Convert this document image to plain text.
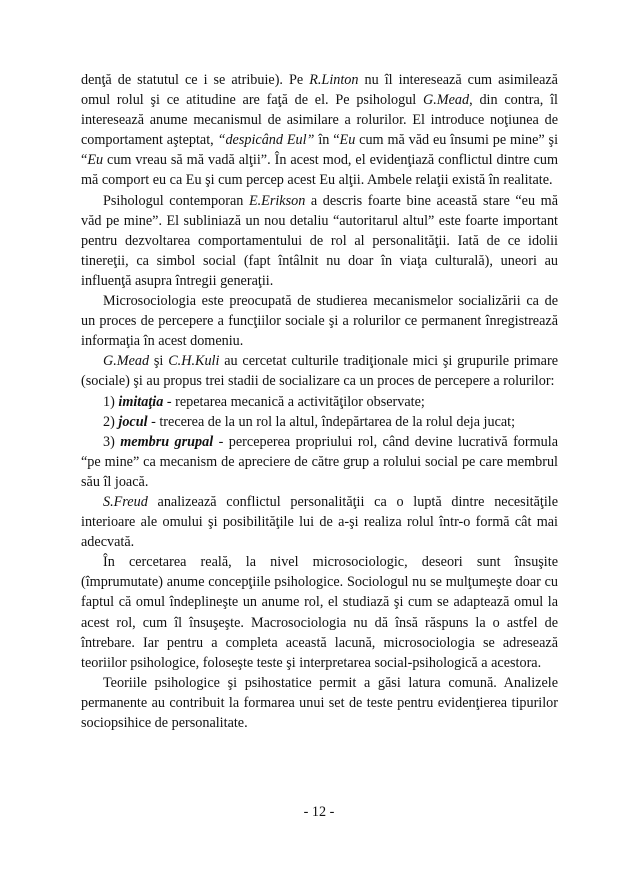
denţă de statutul ce i se atribuie). Pe R.Linton nu îl interesează cum asimilează omul rolul şi ce atitudine are faţă de el. Pe psihologul G.Mead, din contra, îl interesează anume mecanismul de asimilare a rolurilor. El introduce noţiunea de comportament aşteptat, “despicând Eul” în “Eu cum mă văd eu însumi pe mine” şi “Eu cum vreau să mă vadă alţii”. În acest mod, el evidenţiază conflictul dintre cum mă comport eu ca Eu şi cum percep acest Eu alţii. Ambele relaţii există în realitate.

Psihologul contemporan E.Erikson a descris foarte bine această stare “eu mă văd pe mine”. El subliniază un nou detaliu “autoritarul altul” este foarte important pentru dezvoltarea comportamentului de rol al personalităţii. Iată de ce idolii tinereţii, ca simbol social (fapt întâlnit nu doar în viaţa culturală), uneori au influenţă asupra întregii generaţii.

Microsociologia este preocupată de studierea mecanismelor socializării ca de un proces de percepere a funcţiilor sociale şi a rolurilor ce permanent înregistrează informaţia în acest domeniu.

G.Mead şi C.H.Kuli au cercetat culturile tradiţionale mici şi grupurile primare (sociale) şi au propus trei stadii de socializare ca un proces de percepere a rolurilor:

1) imitaţia - repetarea mecanică a activităţilor observate;

2) jocul - trecerea de la un rol la altul, îndepărtarea de la rolul deja jucat;

3) membru grupal - perceperea propriului rol, când devine lucrativă formula “pe mine” ca mecanism de apreciere de către grup a rolului social pe care membrul său îl joacă.

S.Freud analizează conflictul personalităţii ca o luptă dintre necesităţile interioare ale omului şi posibilităţile lui de a-şi realiza rolul într-o formă cât mai adecvată.

În cercetarea reală, la nivel microsociologic, deseori sunt însuşite (împrumutate) anume concepţiile psihologice. Sociologul nu se mulţumeşte doar cu faptul că omul îndeplineşte un anume rol, el studiază şi cum se adaptează omul la acest rol, cum îl însuşeşte. Macrosociologia nu dă însă răspuns la o astfel de întrebare. Iar pentru a completa această lacună, microsociologia se adresează teoriilor psihologice, foloseşte teste şi interpretarea social-psihologică a acestora.

Teoriile psihologice şi psihostatice permit a găsi latura comună. Analizele permanente au contribuit la formarea unui set de teste pentru evidenţierea tipurilor sociopsihice de personalitate.

- 12 -
